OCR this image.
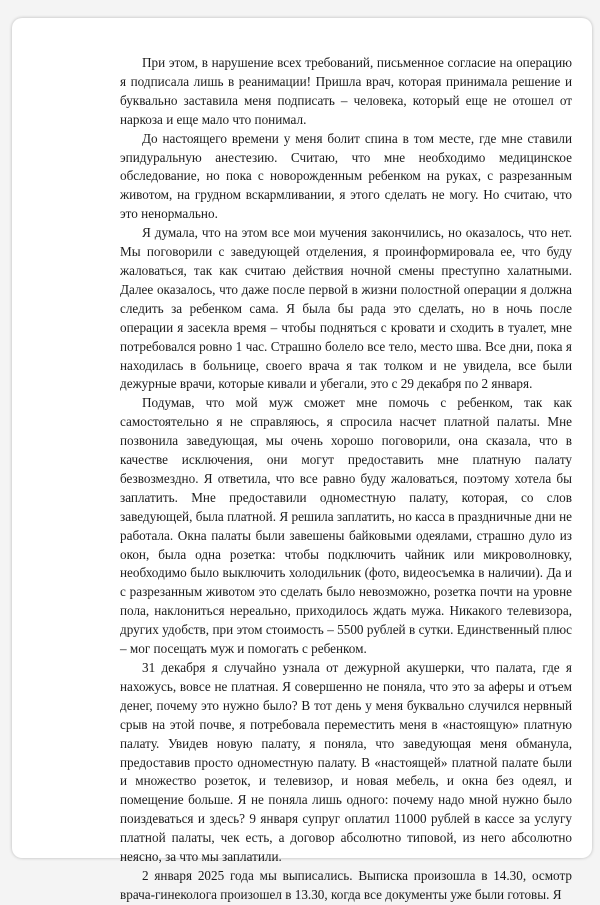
При этом, в нарушение всех требований, письменное согласие на операцию я подписала лишь в реанимации! Пришла врач, которая принимала решение и буквально заставила меня подписать – человека, который еще не отошел от наркоза и еще мало что понимал.

До настоящего времени у меня болит спина в том месте, где мне ставили эпидуральную анестезию. Считаю, что мне необходимо медицинское обследование, но пока с новорожденным ребенком на руках, с разрезанным животом, на грудном вскармливании, я этого сделать не могу. Но считаю, что это ненормально.

Я думала, что на этом все мои мучения закончились, но оказалось, что нет. Мы поговорили с заведующей отделения, я проинформировала ее, что буду жаловаться, так как считаю действия ночной смены преступно халатными. Далее оказалось, что даже после первой в жизни полостной операции я должна следить за ребенком сама. Я была бы рада это сделать, но в ночь после операции я засекла время – чтобы подняться с кровати и сходить в туалет, мне потребовался ровно 1 час. Страшно болело все тело, место шва. Все дни, пока я находилась в больнице, своего врача я так толком и не увидела, все были дежурные врачи, которые кивали и убегали, это с 29 декабря по 2 января.

Подумав, что мой муж сможет мне помочь с ребенком, так как самостоятельно я не справляюсь, я спросила насчет платной палаты. Мне позвонила заведующая, мы очень хорошо поговорили, она сказала, что в качестве исключения, они могут предоставить мне платную палату безвозмездно. Я ответила, что все равно буду жаловаться, поэтому хотела бы заплатить. Мне предоставили одноместную палату, которая, со слов заведующей, была платной. Я решила заплатить, но касса в праздничные дни не работала. Окна палаты были завешены байковыми одеялами, страшно дуло из окон, была одна розетка: чтобы подключить чайник или микроволновку, необходимо было выключить холодильник (фото, видеосъемка в наличии). Да и с разрезанным животом это сделать было невозможно, розетка почти на уровне пола, наклониться нереально, приходилось ждать мужа. Никакого телевизора, других удобств, при этом стоимость – 5500 рублей в сутки. Единственный плюс – мог посещать муж и помогать с ребенком.

31 декабря я случайно узнала от дежурной акушерки, что палата, где я нахожусь, вовсе не платная. Я совершенно не поняла, что это за аферы и отъем денег, почему это нужно было? В тот день у меня буквально случился нервный срыв на этой почве, я потребовала переместить меня в «настоящую» платную палату. Увидев новую палату, я поняла, что заведующая меня обманула, предоставив просто одноместную палату. В «настоящей» платной палате были и множество розеток, и телевизор, и новая мебель, и окна без одеял, и помещение больше. Я не поняла лишь одного: почему надо мной нужно было поиздеваться и здесь? 9 января супруг оплатил 11000 рублей в кассе за услугу платной палаты, чек есть, а договор абсолютно типовой, из него абсолютно неясно, за что мы заплатили.

2 января 2025 года мы выписались. Выписка произошла в 14.30, осмотр врача-гинеколога произошел в 13.30, когда все документы уже были готовы. Я
